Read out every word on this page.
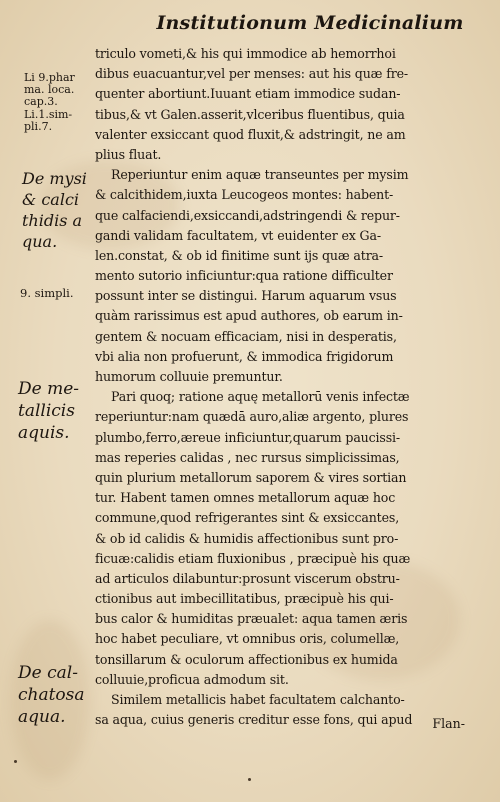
Institutionum Medicinalium
Li 9.phar
ma. loca.
cap.3.
Li.1.sim-
pli.7.
De mysi
& calci
thidis a
qua.
9. simpli.
De me-
tallicis
aquis.
De cal-
chatosa
aqua.
triculo vometi,& his qui immodice ab hemorrhoi
dibus euacuantur,vel per menses: aut his quæ fre-
quenter abortiunt.Iuuant etiam immodice sudan-
tibus,& vt Galen.asserit,vlceribus fluentibus, quia
valenter exsiccant quod fluxit,& adstringit, ne am
plius fluat.
Reperiuntur enim aquæ transeuntes per mysim
& calcithidem,iuxta Leucogeos montes: habent-
que calfaciendi,exsiccandi,adstringendi & repur-
gandi validam facultatem, vt euidenter ex Ga-
len.constat, & ob id finitime sunt ijs quæ atra-
mento sutorio inficiuntur:qua ratione difficulter
possunt inter se distingui. Harum aquarum vsus
quàm rarissimus est apud authores, ob earum in-
gentem & nocuam efficaciam, nisi in desperatis,
vbi alia non profuerunt, & immodica frigidorum
humorum colluuie premuntur.
Pari quoq; ratione aquę metallorū venis infectæ
reperiuntur:nam quædā auro,aliæ argento, plures
plumbo,ferro,æreue inficiuntur,quarum paucissi-
mas reperies calidas , nec rursus simplicissimas,
quin plurium metallorum saporem & vires sortian
tur. Habent tamen omnes metallorum aquæ hoc
commune,quod refrigerantes sint & exsiccantes,
& ob id calidis & humidis affectionibus sunt pro-
ficuæ:calidis etiam fluxionibus , præcipuè his quæ
ad articulos dilabuntur:prosunt viscerum obstru-
ctionibus aut imbecillitatibus, præcipuè his qui-
bus calor & humiditas præualet: aqua tamen æris
hoc habet peculiare, vt omnibus oris, columellæ,
tonsillarum & oculorum affectionibus ex humida
colluuie,proficua admodum sit.
Similem metallicis habet facultatem calchanto-
sa aqua, cuius generis creditur esse fons, qui apud	Flan-
